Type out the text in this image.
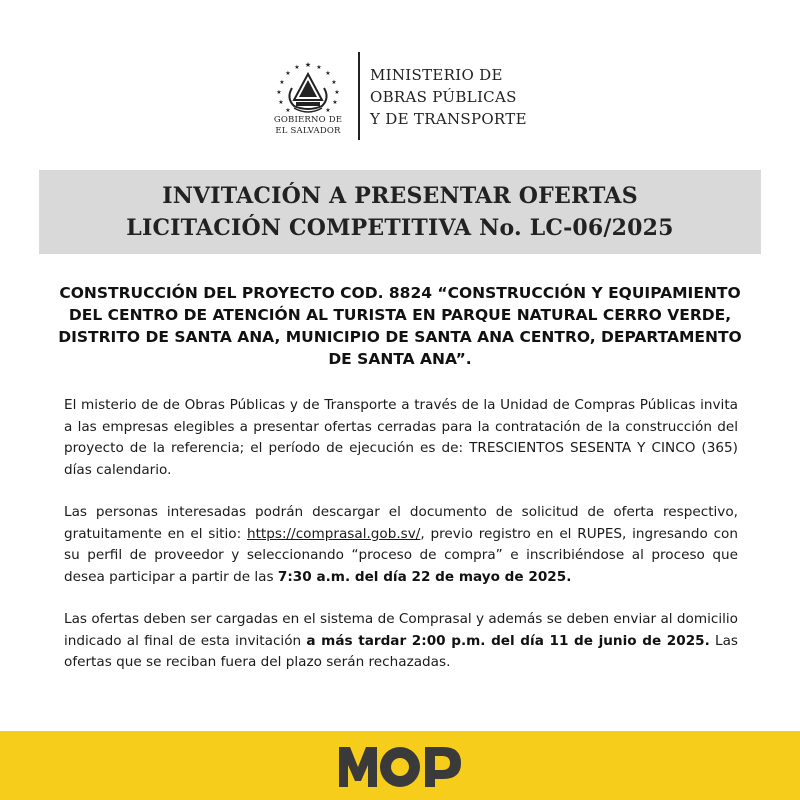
★
★	★
★	★
★	★
★	★
★	★
★	★
GOBIERNO DE
EL SALVADOR
MINISTERIO DE
OBRAS PÚBLICAS
Y DE TRANSPORTE
INVITACIÓN A PRESENTAR OFERTAS
LICITACIÓN COMPETITIVA No. LC-06/2025
CONSTRUCCIÓN DEL PROYECTO COD. 8824 “CONSTRUCCIÓN Y EQUIPAMIENTO DEL CENTRO DE ATENCIÓN AL TURISTA EN PARQUE NATURAL CERRO VERDE, DISTRITO DE SANTA ANA, MUNICIPIO DE SANTA ANA CENTRO, DEPARTAMENTO DE SANTA ANA”.

El misterio de de Obras Públicas y de Transporte a través de la Unidad de Compras Públicas invita a las empresas elegibles a presentar ofertas cerradas para la contratación de la construcción del proyecto de la referencia; el período de ejecución es de: TRESCIENTOS SESENTA Y CINCO (365) días calendario.

Las personas interesadas podrán descargar el documento de solicitud de oferta respectivo, gratuitamente en el sitio: https://comprasal.gob.sv/, previo registro en el RUPES, ingresando con su perfil de proveedor y seleccionando “proceso de compra” e inscribiéndose al proceso que desea participar a partir de las 7:30 a.m. del día 22 de mayo de 2025.

Las ofertas deben ser cargadas en el sistema de Comprasal y además se deben enviar al domicilio indicado al final de esta invitación a más tardar 2:00 p.m. del día 11 de junio de 2025. Las ofertas que se reciban fuera del plazo serán rechazadas.
